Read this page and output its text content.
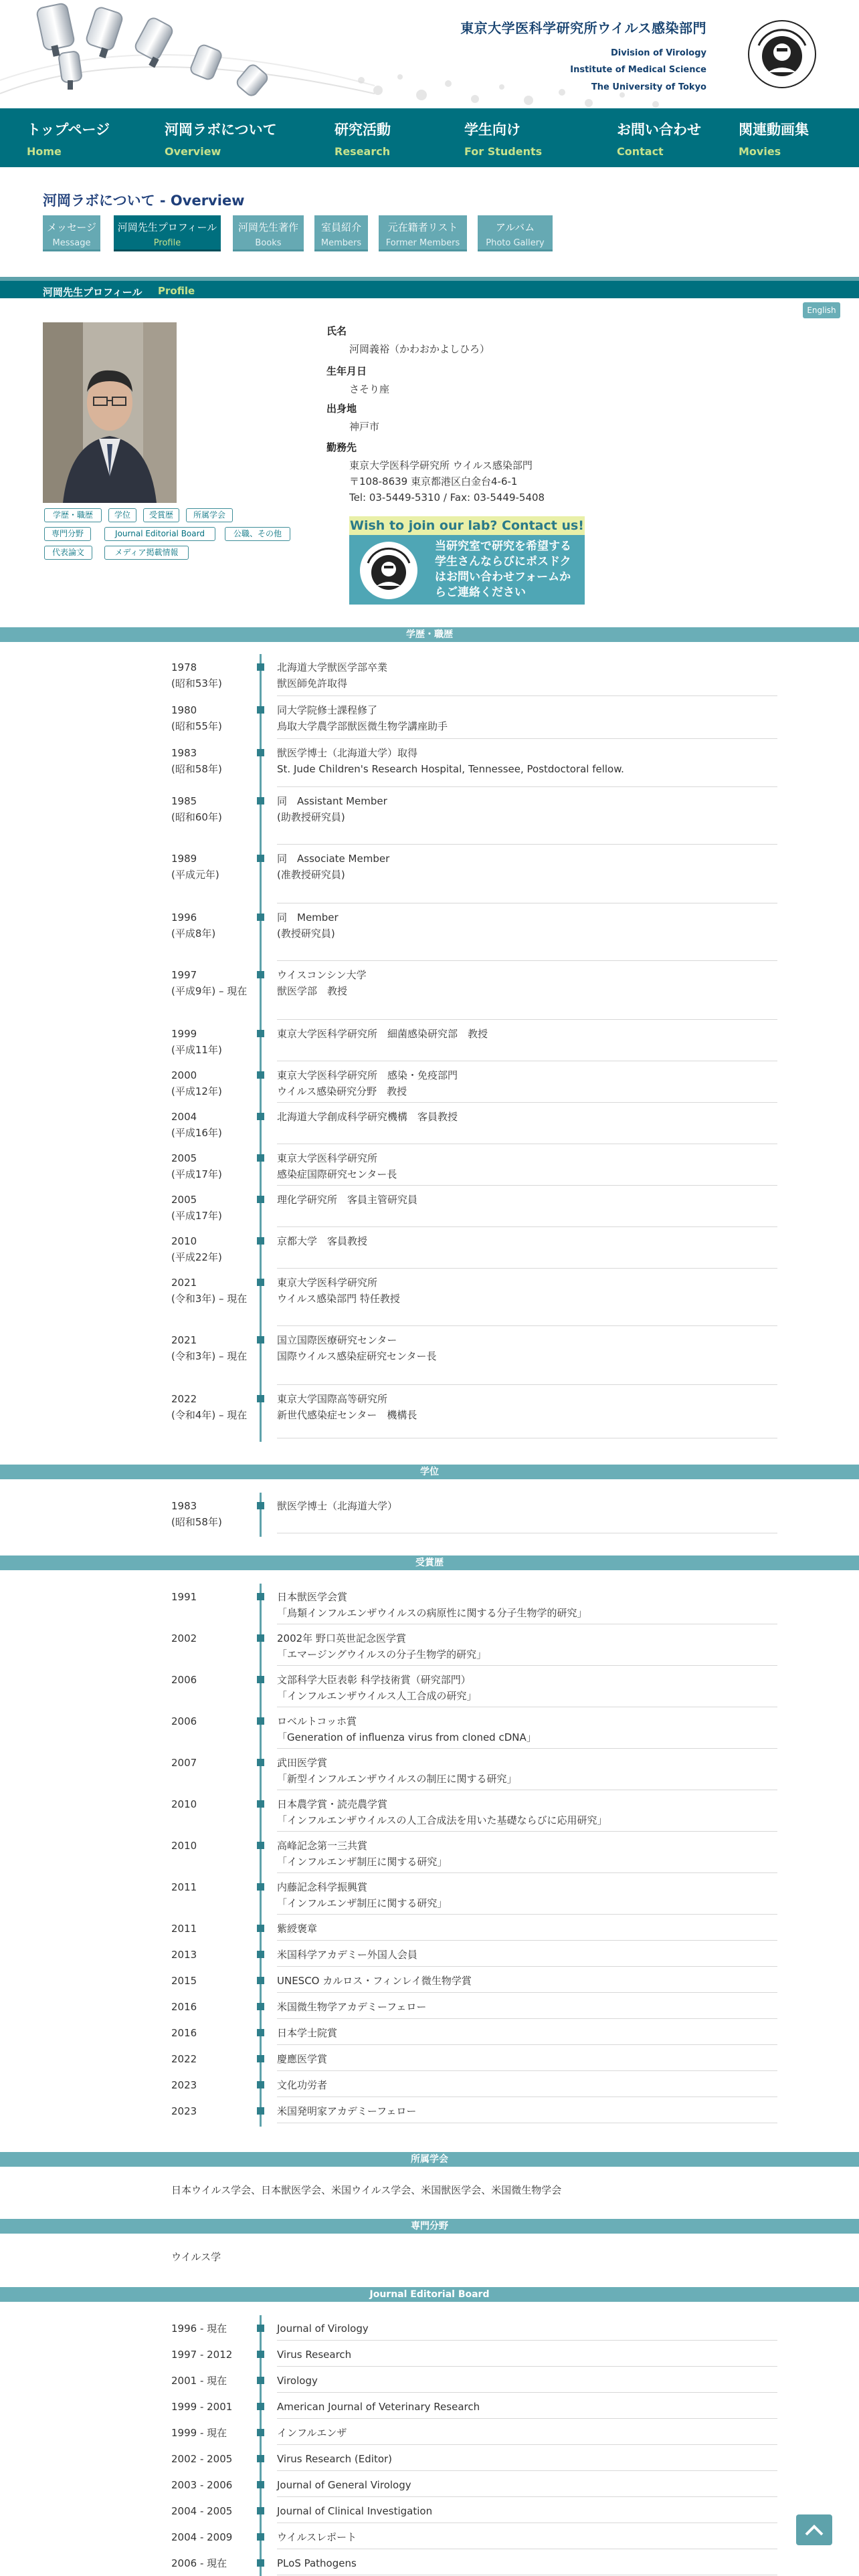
東京大学医科学研究所ウイルス感染部門
Division of Virology
Institute of Medical Science
The University of Tokyo
トップページ
Home
河岡ラボについて
Overview
研究活動
Research
学生向け
For Students
お問い合わせ
Contact
関連動画集
Movies
河岡ラボについて - Overview
メッセージ
Message
河岡先生プロフィール
Profile
河岡先生著作
Books
室員紹介
Members
元在籍者リスト
Former Members
アルバム
Photo Gallery
河岡先生プロフィール Profile
English
学歴・職歴	学位	受賞歴	所属学会
専門分野	Journal Editorial Board	公職、その他
代表論文	メディア掲載情報
氏名
河岡義裕（かわおかよしひろ）
生年月日
さそり座
出身地
神戸市
勤務先
東京大学医科学研究所 ウイルス感染部門
〒108-8639 東京都港区白金台4-6-1
Tel: 03-5449-5310 / Fax: 03-5449-5408
Wish to join our lab? Contact us!
当研究室で研究を希望する学生さんならびにポスドクはお問い合わせフォームからご連絡ください
学歴・職歴
1978
(昭和53年)
北海道大学獣医学部卒業
獣医師免許取得
1980
(昭和55年)
同大学院修士課程修了
鳥取大学農学部獣医微生物学講座助手
1983
(昭和58年)
獣医学博士（北海道大学）取得
St. Jude Children's Research Hospital, Tennessee, Postdoctoral fellow.
1985
(昭和60年)
同　Assistant Member
(助教授研究員)
1989
(平成元年)
同　Associate Member
(准教授研究員)
1996
(平成8年)
同　Member
(教授研究員)
1997
(平成9年) – 現在
ウイスコンシン大学
獣医学部　教授
1999
(平成11年)
東京大学医科学研究所　細菌感染研究部　教授
2000
(平成12年)
東京大学医科学研究所　感染・免疫部門
ウイルス感染研究分野　教授
2004
(平成16年)
北海道大学創成科学研究機構　客員教授
2005
(平成17年)
東京大学医科学研究所
感染症国際研究センター長
2005
(平成17年)
理化学研究所　客員主管研究員
2010
(平成22年)
京都大学　客員教授
2021
(令和3年) – 現在
東京大学医科学研究所
ウイルス感染部門 特任教授
2021
(令和3年) – 現在
国立国際医療研究センター
国際ウイルス感染症研究センター長
2022
(令和4年) – 現在
東京大学国際高等研究所
新世代感染症センター　機構長
学位
1983
(昭和58年)
獣医学博士（北海道大学）
受賞歴
1991	日本獣医学会賞
「鳥類インフルエンザウイルスの病原性に関する分子生物学的研究」
2002	2002年 野口英世記念医学賞
「エマージングウイルスの分子生物学的研究」
2006	文部科学大臣表彰 科学技術賞（研究部門）
「インフルエンザウイルス人工合成の研究」
2006	ロベルトコッホ賞
「Generation of influenza virus from cloned cDNA」
2007	武田医学賞
「新型インフルエンザウイルスの制圧に関する研究」
2010	日本農学賞・読売農学賞
「インフルエンザウイルスの人工合成法を用いた基礎ならびに応用研究」
2010	高峰記念第一三共賞
「インフルエンザ制圧に関する研究」
2011	内藤記念科学振興賞
「インフルエンザ制圧に関する研究」
2011	紫綬褒章
2013	米国科学アカデミー外国人会員
2015	UNESCO カルロス・フィンレイ微生物学賞
2016	米国微生物学アカデミーフェロー
2016	日本学士院賞
2022	慶應医学賞
2023	文化功労者
2023	米国発明家アカデミーフェロー
所属学会
日本ウイルス学会、日本獣医学会、米国ウイルス学会、米国獣医学会、米国微生物学会
専門分野
ウイルス学
Journal Editorial Board
1996 - 現在	Journal of Virology
1997 - 2012	Virus Research
2001 - 現在	Virology
1999 - 2001	American Journal of Veterinary Research
1999 - 現在	インフルエンザ
2002 - 2005	Virus Research (Editor)
2003 - 2006	Journal of General Virology
2004 - 2005	Journal of Clinical Investigation
2004 - 2009	ウイルスレポート
2006 - 現在	PLoS Pathogens
